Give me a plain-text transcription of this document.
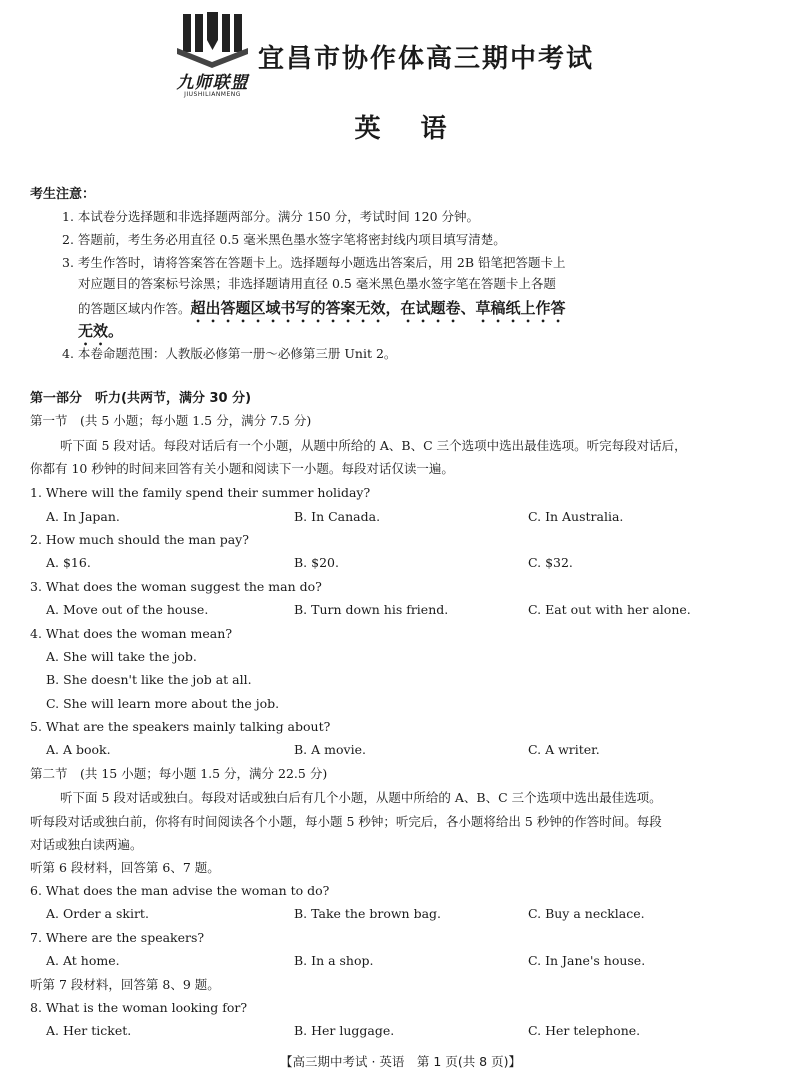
九师联盟
JIUSHILIANMENG
宜昌市协作体高三期中考试
英语
考生注意：
1. 本试卷分选择题和非选择题两部分。满分 150 分，考试时间 120 分钟。
2. 答题前，考生务必用直径 0.5 毫米黑色墨水签字笔将密封线内项目填写清楚。
3. 考生作答时，请将答案答在答题卡上。选择题每小题选出答案后，用 2B 铅笔把答题卡上
对应题目的答案标号涂黑；非选择题请用直径 0.5 毫米黑色墨水签字笔在答题卡上各题
的答题区域内作答。超出答题区域书写的答案无效，在试题卷、草稿纸上作答
无效。
4. 本卷命题范围：人教版必修第一册～必修第三册 Unit 2。
第一部分　听力(共两节，满分 30 分)
第一节　(共 5 小题；每小题 1.5 分，满分 7.5 分)
听下面 5 段对话。每段对话后有一个小题，从题中所给的 A、B、C 三个选项中选出最佳选项。听完每段对话后，
你都有 10 秒钟的时间来回答有关小题和阅读下一小题。每段对话仅读一遍。
1. Where will the family spend their summer holiday?
A. In Japan.	B. In Canada.	C. In Australia.
2. How much should the man pay?
A. $16.	B. $20.	C. $32.
3. What does the woman suggest the man do?
A. Move out of the house.	B. Turn down his friend.	C. Eat out with her alone.
4. What does the woman mean?
A. She will take the job.
B. She doesn't like the job at all.
C. She will learn more about the job.
5. What are the speakers mainly talking about?
A. A book.	B. A movie.	C. A writer.
第二节　(共 15 小题；每小题 1.5 分，满分 22.5 分)
听下面 5 段对话或独白。每段对话或独白后有几个小题，从题中所给的 A、B、C 三个选项中选出最佳选项。
听每段对话或独白前，你将有时间阅读各个小题，每小题 5 秒钟；听完后，各小题将给出 5 秒钟的作答时间。每段
对话或独白读两遍。
听第 6 段材料，回答第 6、7 题。
6. What does the man advise the woman to do?
A. Order a skirt.	B. Take the brown bag.	C. Buy a necklace.
7. Where are the speakers?
A. At home.	B. In a shop.	C. In Jane's house.
听第 7 段材料，回答第 8、9 题。
8. What is the woman looking for?
A. Her ticket.	B. Her luggage.	C. Her telephone.
【高三期中考试 · 英语　第 1 页(共 8 页)】
